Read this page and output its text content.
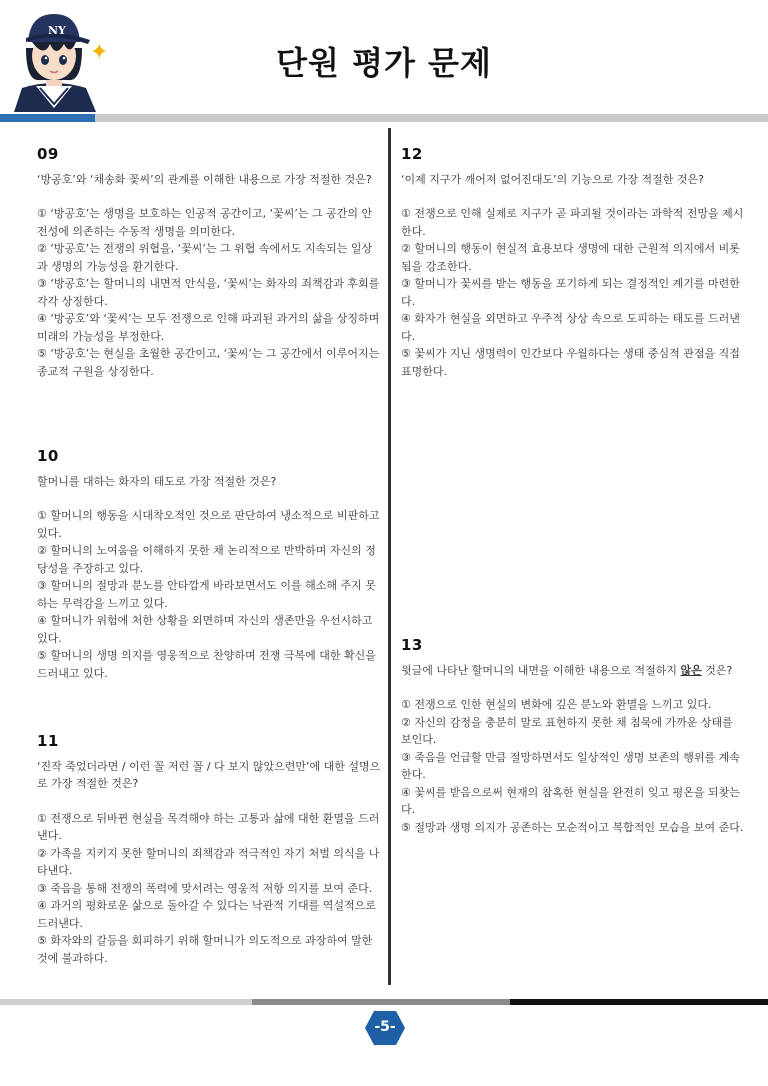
NY
✦	단원 평가 문제
09

‘방공호’와 ‘채송화 꽃씨’의 관계를 이해한 내용으로 가장 적절한 것은?

① ‘방공호’는 생명을 보호하는 인공적 공간이고, ‘꽃씨’는 그 공간의 안전성에 의존하는 수동적 생명을 의미한다.

② ‘방공호’는 전쟁의 위협을, ‘꽃씨’는 그 위협 속에서도 지속되는 일상과 생명의 가능성을 환기한다.

③ ‘방공호’는 할머니의 내면적 안식을, ‘꽃씨’는 화자의 죄책감과 후회를 각각 상징한다.

④ ‘방공호’와 ‘꽃씨’는 모두 전쟁으로 인해 파괴된 과거의 삶을 상징하며 미래의 가능성을 부정한다.

⑤ ‘방공호’는 현실을 초월한 공간이고, ‘꽃씨’는 그 공간에서 이루어지는 종교적 구원을 상징한다.

10

할머니를 대하는 화자의 태도로 가장 적절한 것은?

① 할머니의 행동을 시대착오적인 것으로 판단하여 냉소적으로 비판하고 있다.

② 할머니의 노여움을 이해하지 못한 채 논리적으로 반박하며 자신의 정당성을 주장하고 있다.

③ 할머니의 절망과 분노를 안타깝게 바라보면서도 이를 해소해 주지 못하는 무력감을 느끼고 있다.

④ 할머니가 위험에 처한 상황을 외면하며 자신의 생존만을 우선시하고 있다.

⑤ 할머니의 생명 의지를 영웅적으로 찬양하며 전쟁 극복에 대한 확신을 드러내고 있다.

11

‘진작 죽었더라면 / 이런 꼴 저런 꼴 / 다 보지 않았으련만’에 대한 설명으로 가장 적절한 것은?

① 전쟁으로 뒤바뀐 현실을 목격해야 하는 고통과 삶에 대한 환멸을 드러낸다.

② 가족을 지키지 못한 할머니의 죄책감과 적극적인 자기 처벌 의식을 나타낸다.

③ 죽음을 통해 전쟁의 폭력에 맞서려는 영웅적 저항 의지를 보여 준다.

④ 과거의 평화로운 삶으로 돌아갈 수 있다는 낙관적 기대를 역설적으로 드러낸다.

⑤ 화자와의 갈등을 회피하기 위해 할머니가 의도적으로 과장하여 말한 것에 불과하다.

12

‘이제 지구가 깨어져 없어진대도’의 기능으로 가장 적절한 것은?

① 전쟁으로 인해 실제로 지구가 곧 파괴될 것이라는 과학적 전망을 제시한다.

② 할머니의 행동이 현실적 효용보다 생명에 대한 근원적 의지에서 비롯됨을 강조한다.

③ 할머니가 꽃씨를 받는 행동을 포기하게 되는 결정적인 계기를 마련한다.

④ 화자가 현실을 외면하고 우주적 상상 속으로 도피하는 태도를 드러낸다.

⑤ 꽃씨가 지닌 생명력이 인간보다 우월하다는 생태 중심적 관점을 직접 표명한다.

13

윗글에 나타난 할머니의 내면을 이해한 내용으로 적절하지 않은 것은?

① 전쟁으로 인한 현실의 변화에 깊은 분노와 환멸을 느끼고 있다.

② 자신의 감정을 충분히 말로 표현하지 못한 채 침묵에 가까운 상태를 보인다.

③ 죽음을 언급할 만큼 절망하면서도 일상적인 생명 보존의 행위를 계속한다.

④ 꽃씨를 받음으로써 현재의 참혹한 현실을 완전히 잊고 평온을 되찾는다.

⑤ 절망과 생명 의지가 공존하는 모순적이고 복합적인 모습을 보여 준다.

-5-
